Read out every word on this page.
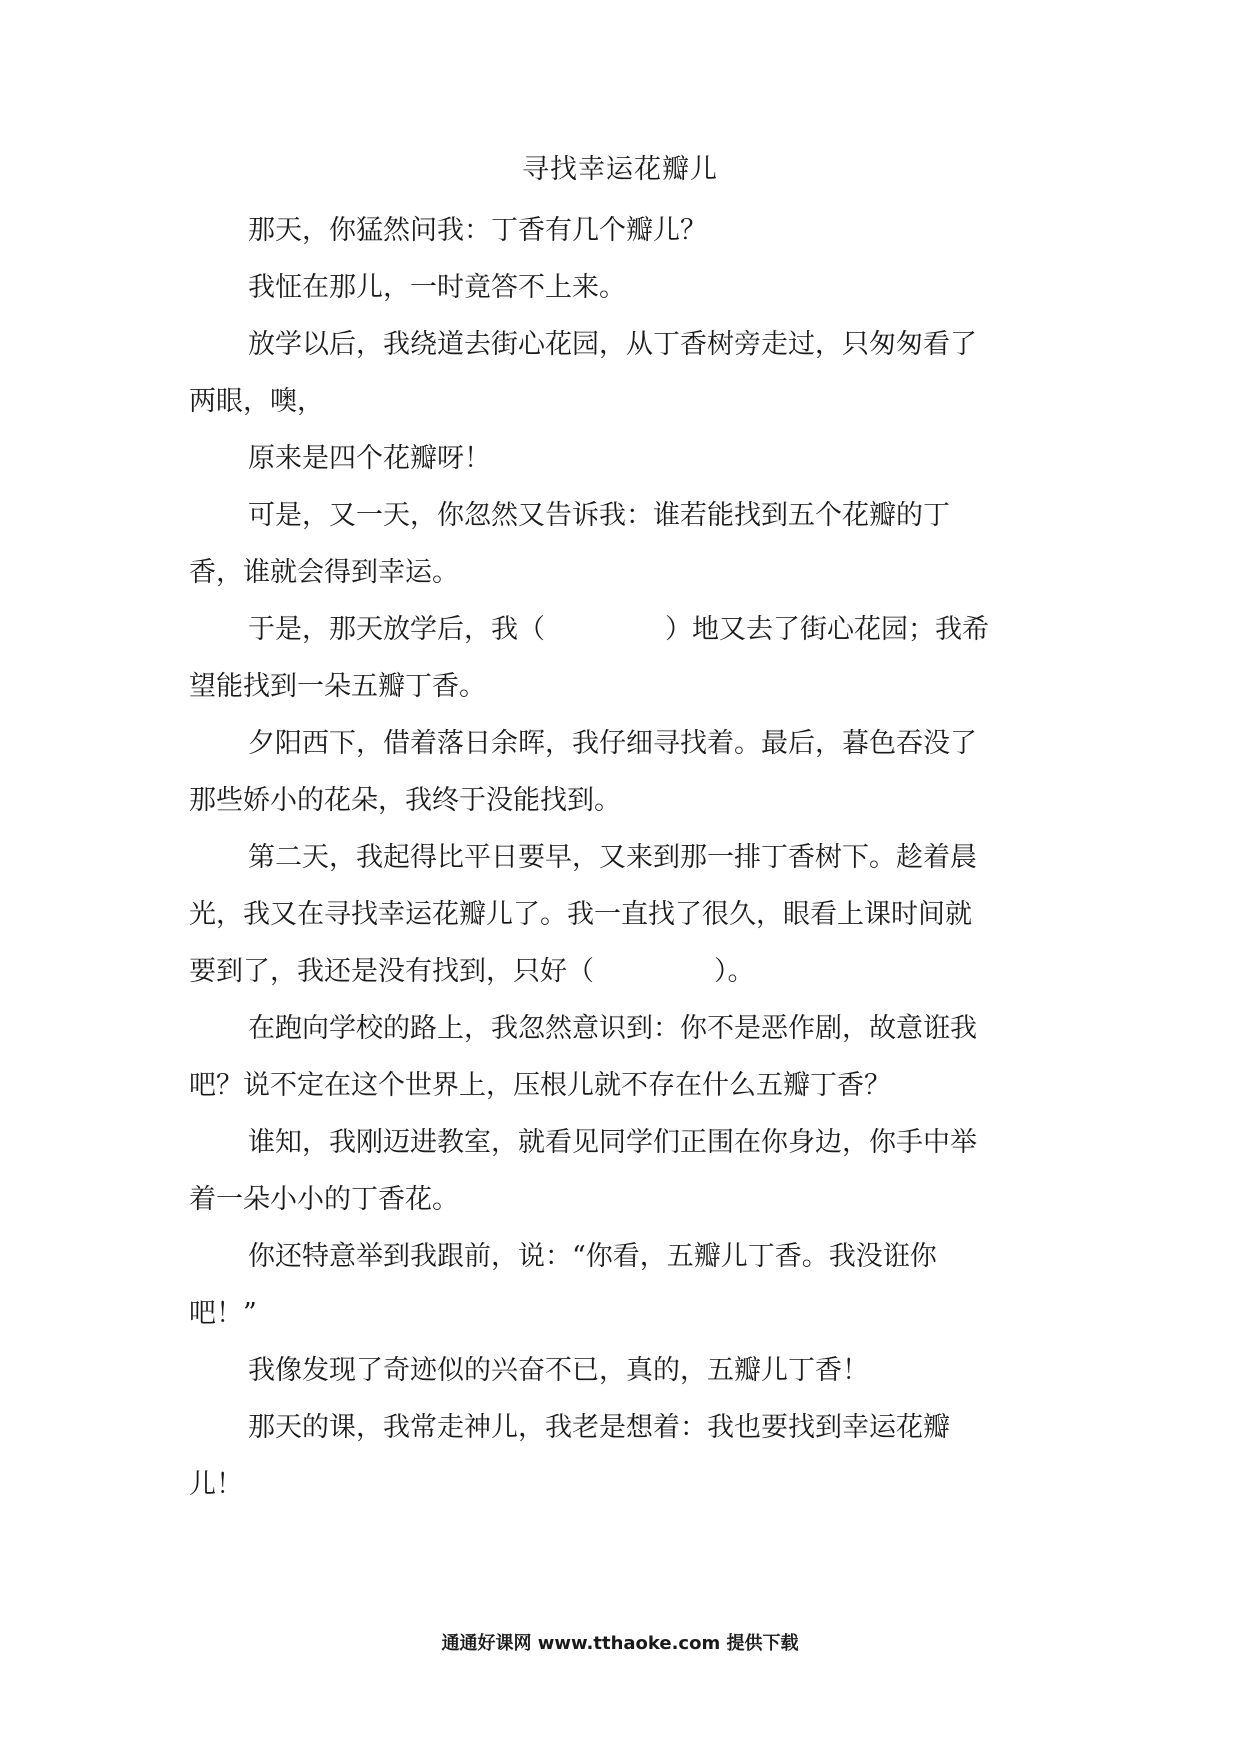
寻找幸运花瓣儿

那天，你猛然问我：丁香有几个瓣儿？

我怔在那儿，一时竟答不上来。

放学以后，我绕道去街心花园，从丁香树旁走过，只匆匆看了
两眼，噢，

原来是四个花瓣呀！

可是，又一天，你忽然又告诉我：谁若能找到五个花瓣的丁
香，谁就会得到幸运。

于是，那天放学后，我（	）地又去了街心花园；我希
望能找到一朵五瓣丁香。

夕阳西下，借着落日余晖，我仔细寻找着。最后，暮色吞没了
那些娇小的花朵，我终于没能找到。

第二天，我起得比平日要早，又来到那一排丁香树下。趁着晨
光，我又在寻找幸运花瓣儿了。我一直找了很久，眼看上课时间就

要到了，我还是没有找到，只好（	）。

在跑向学校的路上，我忽然意识到：你不是恶作剧，故意诳我
吧？说不定在这个世界上，压根儿就不存在什么五瓣丁香？

谁知，我刚迈进教室，就看见同学们正围在你身边，你手中举
着一朵小小的丁香花。

你还特意举到我跟前，说：“你看，五瓣儿丁香。我没诳你
吧！”

我像发现了奇迹似的兴奋不已，真的，五瓣儿丁香！

那天的课，我常走神儿，我老是想着：我也要找到幸运花瓣
儿！

通通好课网 www.tthaoke.com 提供下载
